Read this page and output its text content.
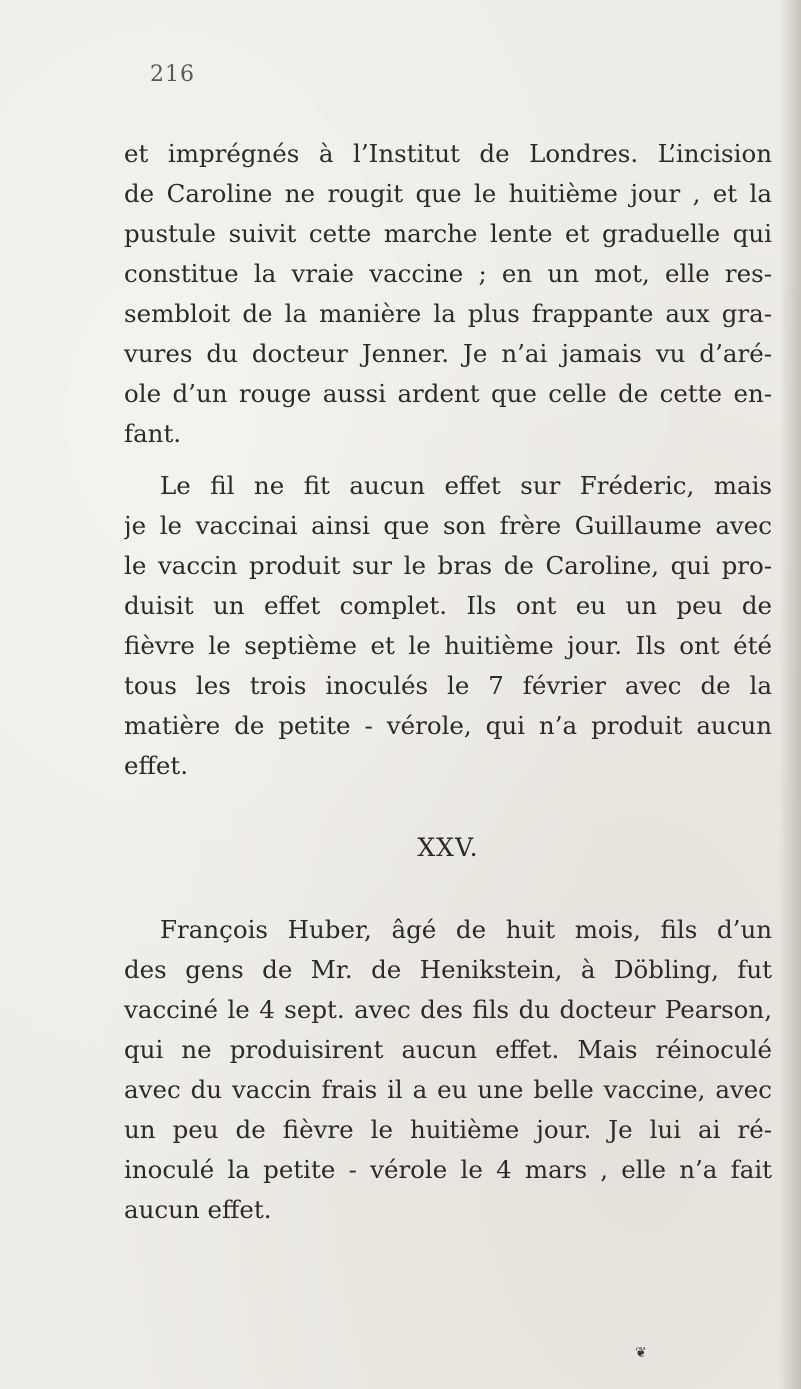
216
et imprégnés à l’Institut de Londres. L’incision
de Caroline ne rougit que le huitième jour , et la
pustule suivit cette marche lente et graduelle qui
constitue la vraie vaccine ; en un mot, elle res-
sembloit de la manière la plus frappante aux gra-
vures du docteur Jenner. Je n’ai jamais vu d’aré-
ole d’un rouge aussi ardent que celle de cette en-
fant.
Le fil ne fit aucun effet sur Fréderic, mais
je le vaccinai ainsi que son frère Guillaume avec
le vaccin produit sur le bras de Caroline, qui pro-
duisit un effet complet. Ils ont eu un peu de
fièvre le septième et le huitième jour. Ils ont été
tous les trois inoculés le 7 février avec de la
matière de petite - vérole, qui n’a produit aucun
effet.
XXV.
François Huber, âgé de huit mois, fils d’un
des gens de Mr. de Henikstein, à Döbling, fut
vacciné le 4 sept. avec des fils du docteur Pearson,
qui ne produisirent aucun effet. Mais réinoculé
avec du vaccin frais il a eu une belle vaccine, avec
un peu de fièvre le huitième jour. Je lui ai ré-
inoculé la petite - vérole le 4 mars , elle n’a fait
aucun effet.
❦
